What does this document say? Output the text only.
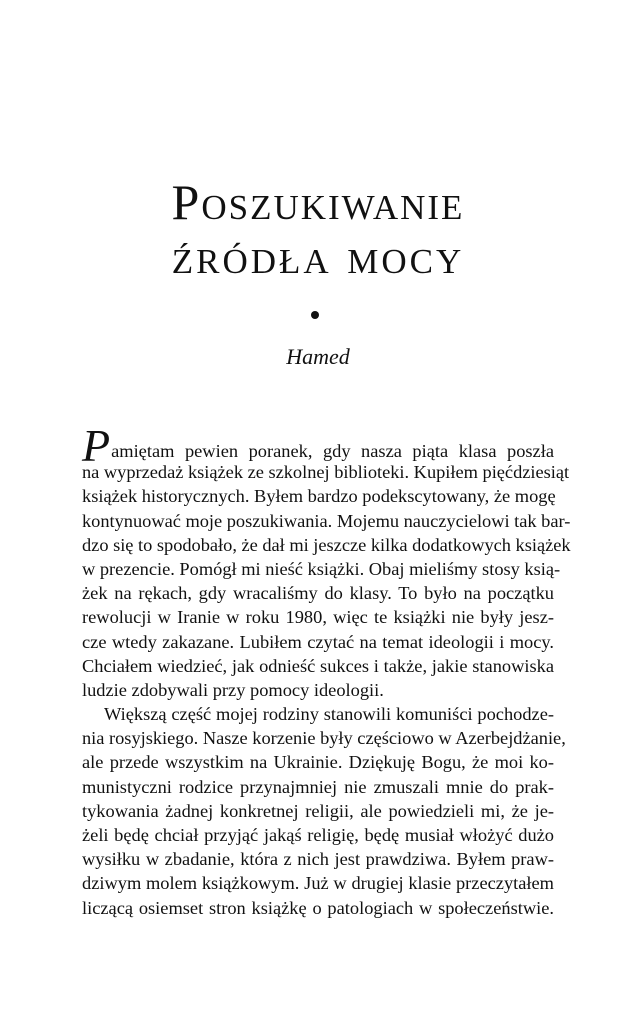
Poszukiwanie
źródła mocy

Hamed

Pamiętam pewien poranek, gdy nasza piąta klasa poszła
na wyprzedaż książek ze szkolnej biblioteki. Kupiłem pięćdziesiąt
książek historycznych. Byłem bardzo podekscytowany, że mogę
kontynuować moje poszukiwania. Mojemu nauczycielowi tak bar-
dzo się to spodobało, że dał mi jeszcze kilka dodatkowych książek
w prezencie. Pomógł mi nieść książki. Obaj mieliśmy stosy ksią-
żek na rękach, gdy wracaliśmy do klasy. To było na początku
rewolucji w Iranie w roku 1980, więc te książki nie były jesz-
cze wtedy zakazane. Lubiłem czytać na temat ideologii i mocy.
Chciałem wiedzieć, jak odnieść sukces i także, jakie stanowiska
ludzie zdobywali przy pomocy ideologii.
Większą część mojej rodziny stanowili komuniści pochodze-
nia rosyjskiego. Nasze korzenie były częściowo w Azerbejdżanie,
ale przede wszystkim na Ukrainie. Dziękuję Bogu, że moi ko-
munistyczni rodzice przynajmniej nie zmuszali mnie do prak-
tykowania żadnej konkretnej religii, ale powiedzieli mi, że je-
żeli będę chciał przyjąć jakąś religię, będę musiał włożyć dużo
wysiłku w zbadanie, która z nich jest prawdziwa. Byłem praw-
dziwym molem książkowym. Już w drugiej klasie przeczytałem
liczącą osiemset stron książkę o patologiach w społeczeństwie.
